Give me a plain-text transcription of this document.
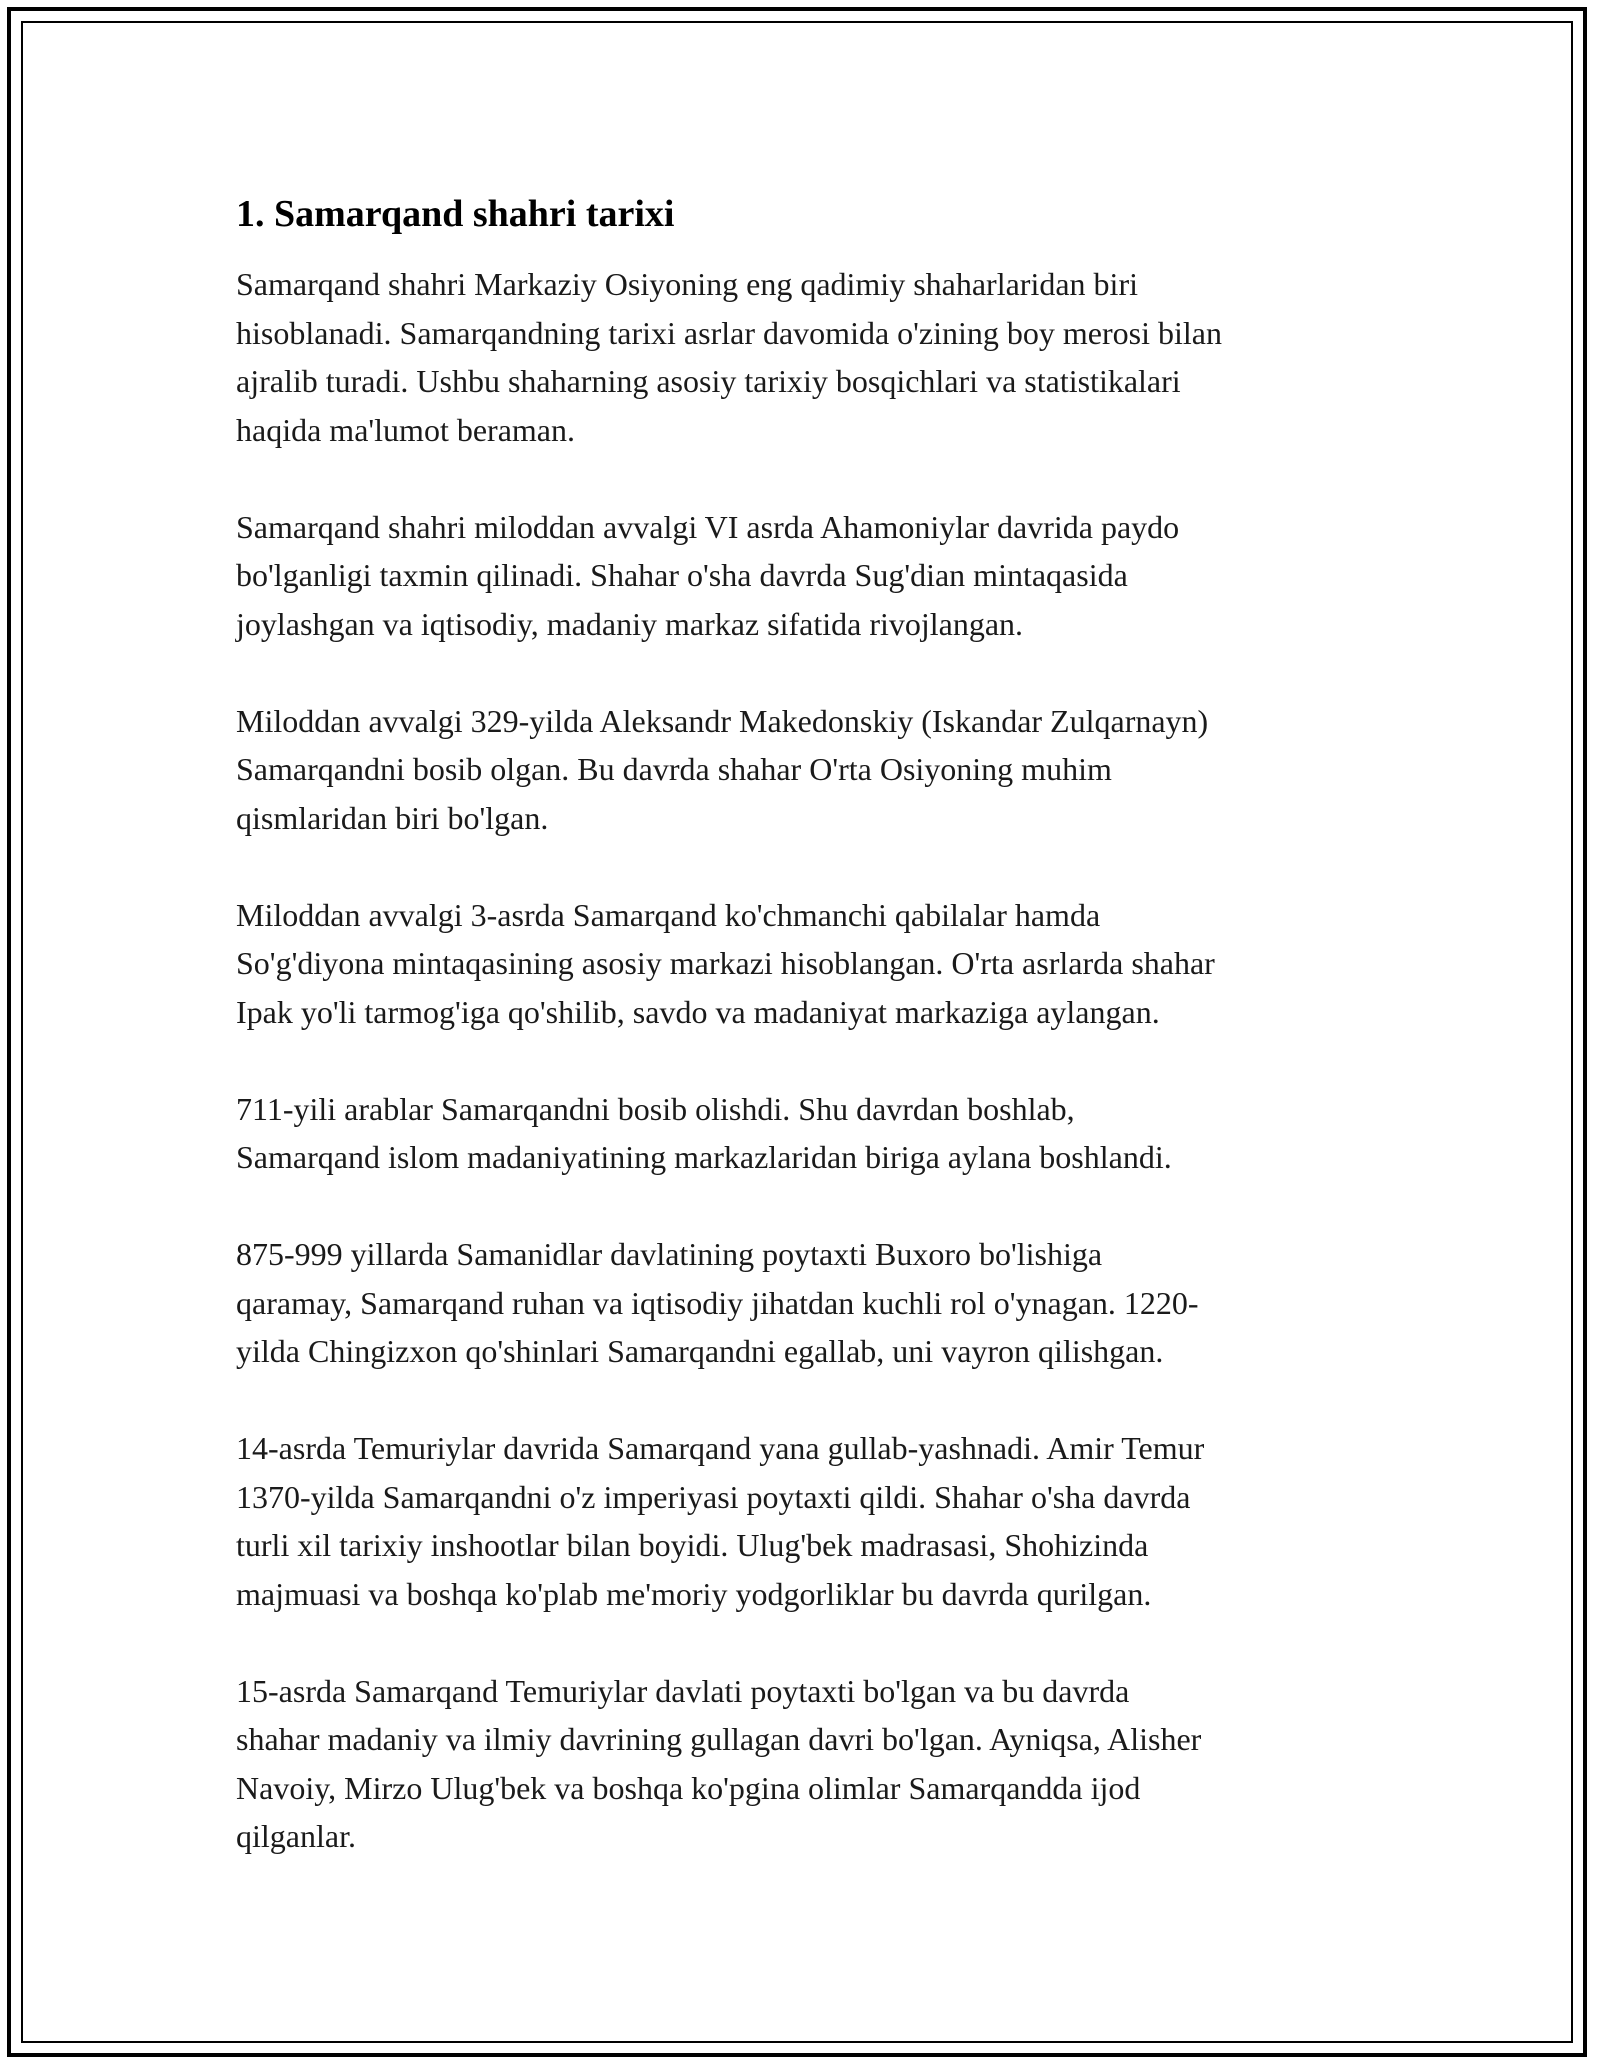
1. Samarqand shahri tarixi
Samarqand shahri Markaziy Osiyoning eng qadimiy shaharlaridan biri
hisoblanadi. Samarqandning tarixi asrlar davomida o'zining boy merosi bilan
ajralib turadi. Ushbu shaharning asosiy tarixiy bosqichlari va statistikalari
haqida ma'lumot beraman.
Samarqand shahri miloddan avvalgi VI asrda Ahamoniylar davrida paydo
bo'lganligi taxmin qilinadi. Shahar o'sha davrda Sug'dian mintaqasida
joylashgan va iqtisodiy, madaniy markaz sifatida rivojlangan.
Miloddan avvalgi 329-yilda Aleksandr Makedonskiy (Iskandar Zulqarnayn)
Samarqandni bosib olgan. Bu davrda shahar O'rta Osiyoning muhim
qismlaridan biri bo'lgan.
Miloddan avvalgi 3-asrda Samarqand ko'chmanchi qabilalar hamda
So'g'diyona mintaqasining asosiy markazi hisoblangan. O'rta asrlarda shahar
Ipak yo'li tarmog'iga qo'shilib, savdo va madaniyat markaziga aylangan.
711-yili arablar Samarqandni bosib olishdi. Shu davrdan boshlab,
Samarqand islom madaniyatining markazlaridan biriga aylana boshlandi.
875-999 yillarda Samanidlar davlatining poytaxti Buxoro bo'lishiga
qaramay, Samarqand ruhan va iqtisodiy jihatdan kuchli rol o'ynagan. 1220-
yilda Chingizxon qo'shinlari Samarqandni egallab, uni vayron qilishgan.
14-asrda Temuriylar davrida Samarqand yana gullab-yashnadi. Amir Temur
1370-yilda Samarqandni o'z imperiyasi poytaxti qildi. Shahar o'sha davrda
turli xil tarixiy inshootlar bilan boyidi. Ulug'bek madrasasi, Shohizinda
majmuasi va boshqa ko'plab me'moriy yodgorliklar bu davrda qurilgan.
15-asrda Samarqand Temuriylar davlati poytaxti bo'lgan va bu davrda
shahar madaniy va ilmiy davrining gullagan davri bo'lgan. Ayniqsa, Alisher
Navoiy, Mirzo Ulug'bek va boshqa ko'pgina olimlar Samarqandda ijod
qilganlar.
